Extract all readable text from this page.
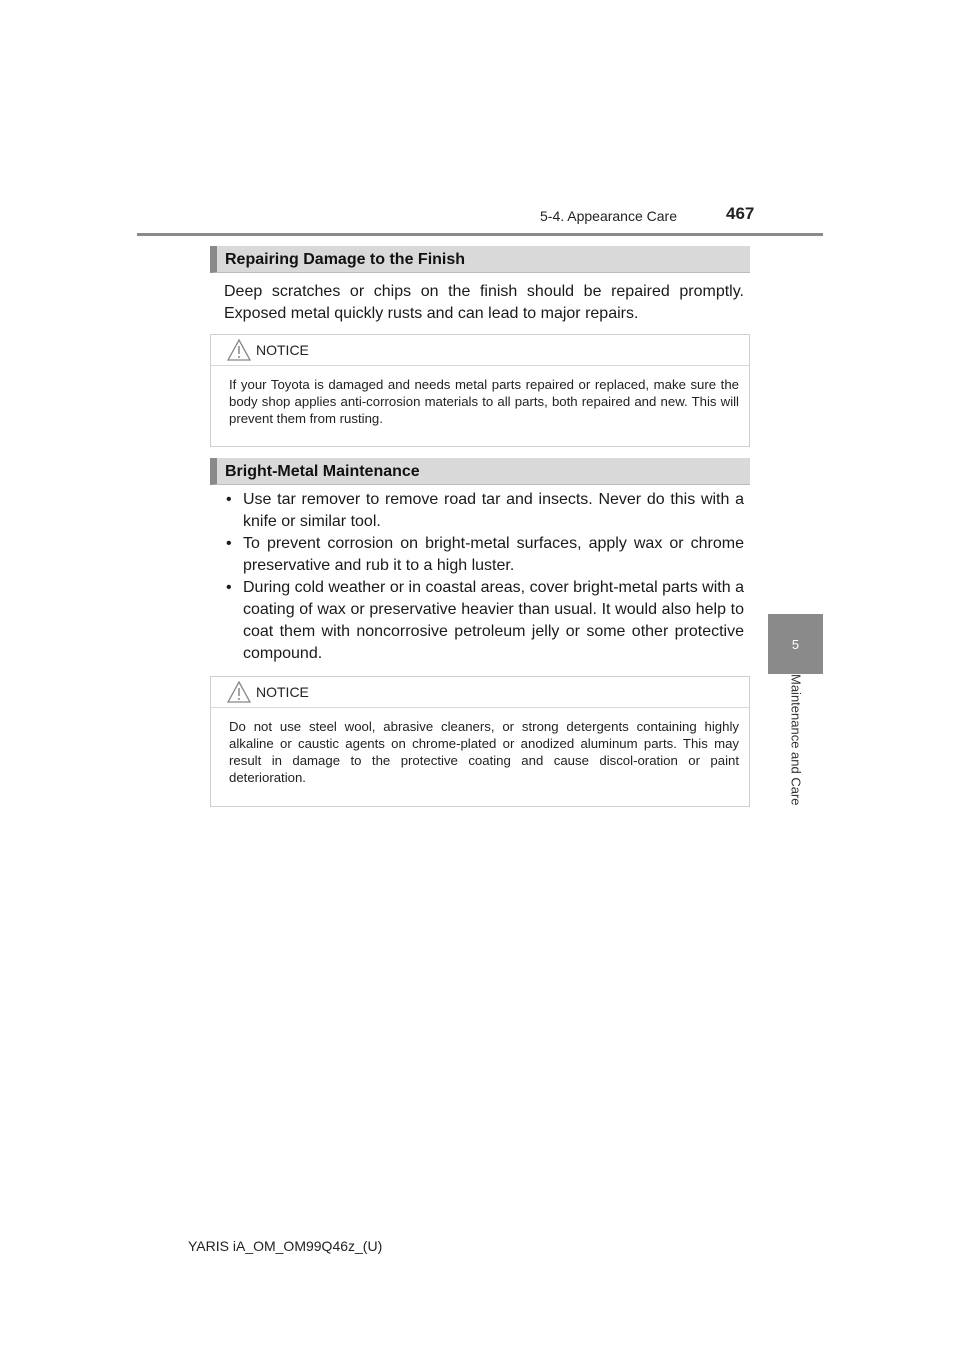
5-4. Appearance Care	467
5
Maintenance and Care
Repairing Damage to the Finish

Deep scratches or chips on the finish should be repaired promptly. Exposed metal quickly rusts and can lead to major repairs.

NOTICE

If your Toyota is damaged and needs metal parts repaired or replaced, make sure the body shop applies anti-corrosion materials to all parts, both repaired and new. This will prevent them from rusting.

Bright-Metal Maintenance
• Use tar remover to remove road tar and insects. Never do this with a knife or similar tool.
• To prevent corrosion on bright-metal surfaces, apply wax or chrome preservative and rub it to a high luster.
• During cold weather or in coastal areas, cover bright-metal parts with a coating of wax or preservative heavier than usual. It would also help to coat them with noncorrosive petroleum jelly or some other protective compound.
NOTICE

Do not use steel wool, abrasive cleaners, or strong detergents containing highly alkaline or caustic agents on chrome-plated or anodized aluminum parts. This may result in damage to the protective coating and cause discol-oration or paint deterioration.

YARIS iA_OM_OM99Q46z_(U)
